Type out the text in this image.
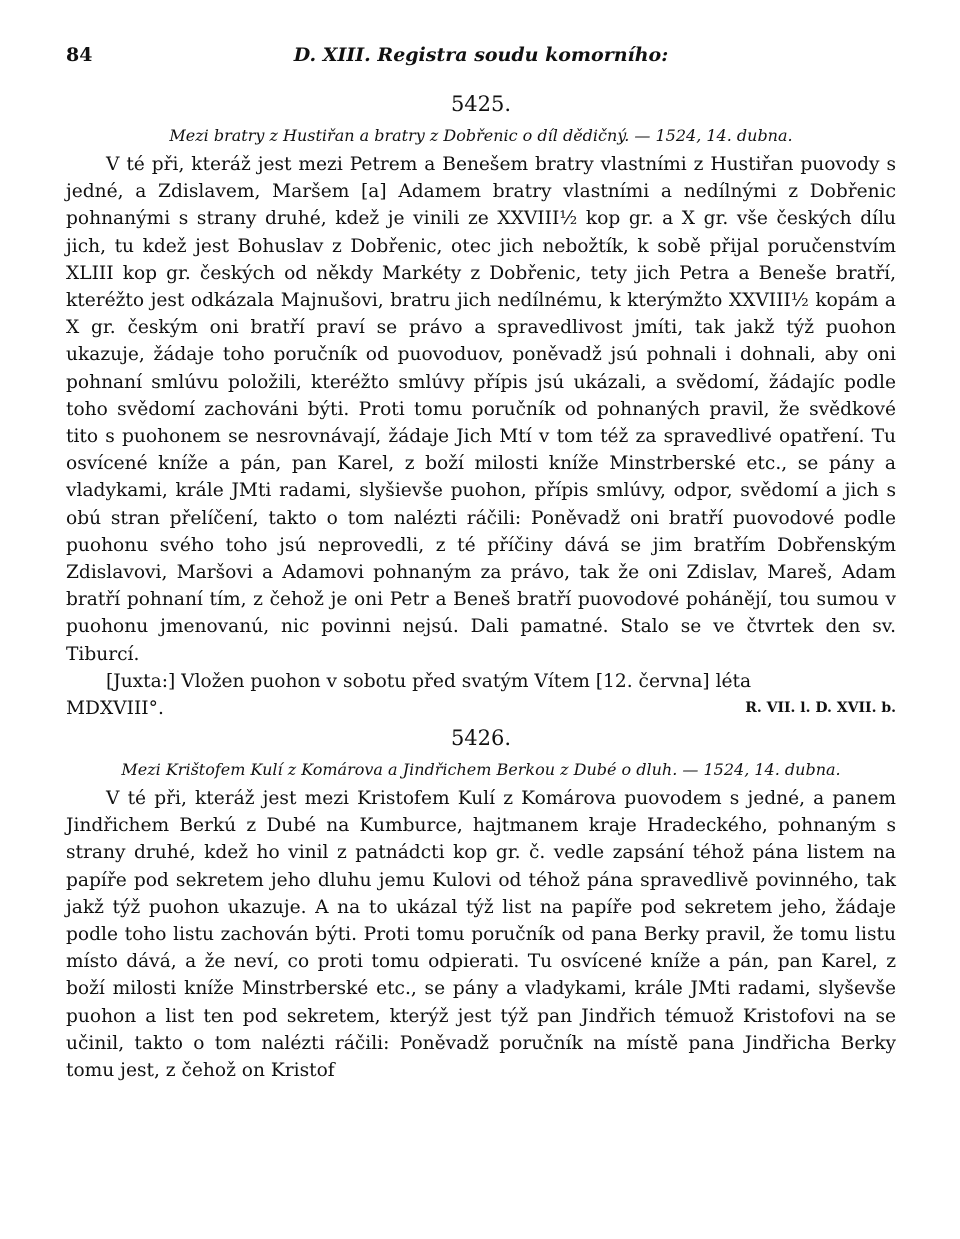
84	D. XIII. Registra soudu komorního:
5425.
Mezi bratry z Hustiřan a bratry z Dobřenic o díl dědičný. — 1524, 14. dubna.

V té při, kteráž jest mezi Petrem a Benešem bratry vlastními z Hustiřan puovody s jedné, a Zdislavem, Maršem [a] Adamem bratry vlastními a nedílnými z Dobřenic pohnanými s strany druhé, kdež je vinili ze XXVIII½ kop gr. a X gr. vše českých dílu jich, tu kdež jest Bohuslav z Dobřenic, otec jich nebožtík, k sobě přijal poručenstvím XLIII kop gr. českých od někdy Markéty z Dobřenic, tety jich Petra a Beneše bratří, kteréžto jest odkázala Majnušovi, bratru jich nedílnému, k kterýmžto XXVIII½ kopám a X gr. českým oni bratří praví se právo a spravedlivost jmíti, tak jakž týž puohon ukazuje, žádaje toho poručník od puovoduov, poněvadž jsú pohnali i dohnali, aby oni pohnaní smlúvu položili, kteréžto smlúvy přípis jsú ukázali, a svědomí, žádajíc podle toho svědomí zachováni býti. Proti tomu poručník od pohnaných pravil, že svědkové tito s puohonem se nesrovnávají, žádaje Jich Mtí v tom též za spravedlivé opatření. Tu osvícené kníže a pán, pan Karel, z boží milosti kníže Minstrberské etc., se pány a vladykami, krále JMti radami, slyšievše puohon, přípis smlúvy, odpor, svědomí a jich s obú stran přelíčení, takto o tom nalézti ráčili: Poněvadž oni bratří puovodové podle puohonu svého toho jsú neprovedli, z té příčiny dává se jim bratřím Dobřenským Zdislavovi, Maršovi a Adamovi pohnaným za právo, tak že oni Zdislav, Mareš, Adam bratří pohnaní tím, z čehož je oni Petr a Beneš bratří puovodové pohánějí, tou sumou v puohonu jmenovanú, nic povinni nejsú. Dali pamatné. Stalo se ve čtvrtek den sv. Tiburcí.

[Juxta:] Vložen puohon v sobotu před svatým Vítem [12. června] léta

MDXVIII°.	R. VII. l. D. XVII. b.
5426.
Mezi Krištofem Kulí z Komárova a Jindřichem Berkou z Dubé o dluh. — 1524, 14. dubna.

V té při, kteráž jest mezi Kristofem Kulí z Komárova puovodem s jedné, a panem Jindřichem Berkú z Dubé na Kumburce, hajtmanem kraje Hradeckého, pohnaným s strany druhé, kdež ho vinil z patnádcti kop gr. č. vedle zapsání téhož pána listem na papíře pod sekretem jeho dluhu jemu Kulovi od téhož pána spravedlivě povinného, tak jakž týž puohon ukazuje. A na to ukázal týž list na papíře pod sekretem jeho, žádaje podle toho listu zachován býti. Proti tomu poručník od pana Berky pravil, že tomu listu místo dává, a že neví, co proti tomu odpierati. Tu osvícené kníže a pán, pan Karel, z boží milosti kníže Minstrberské etc., se pány a vladykami, krále JMti radami, slyševše puohon a list ten pod sekretem, kterýž jest týž pan Jindřich témuož Kristofovi na se učinil, takto o tom nalézti ráčili: Poněvadž poručník na místě pana Jindřicha Berky tomu jest, z čehož on Kristof
